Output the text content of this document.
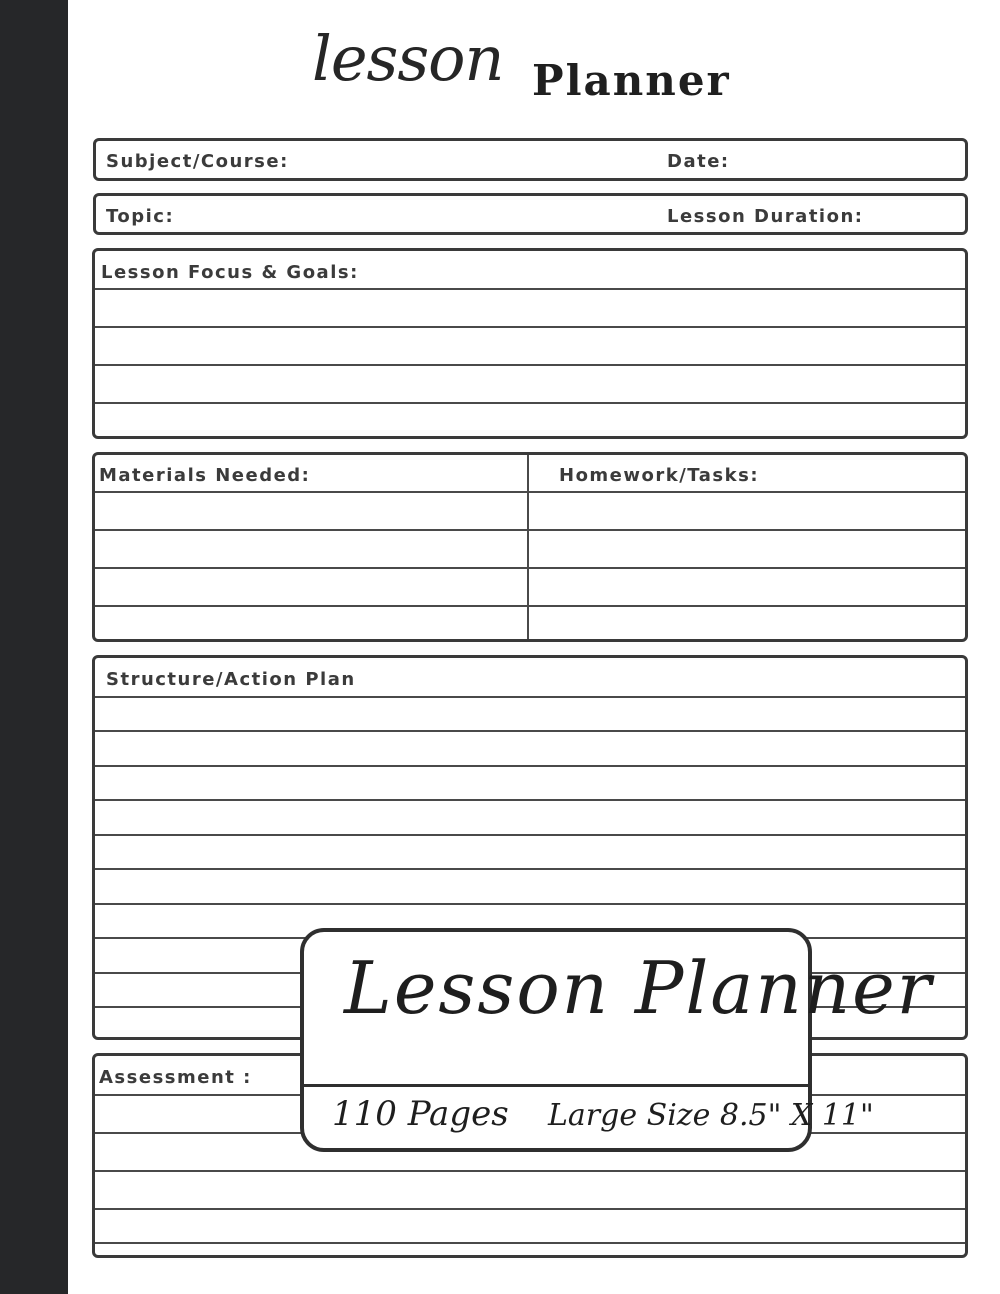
lesson Planner
Subject/Course:	Date:
Topic:	Lesson Duration:
Lesson Focus & Goals:
Materials Needed:	Homework/Tasks:
Structure/Action Plan
Assessment :
Lesson Planner
110 Pages Large Size 8.5" X 11"
